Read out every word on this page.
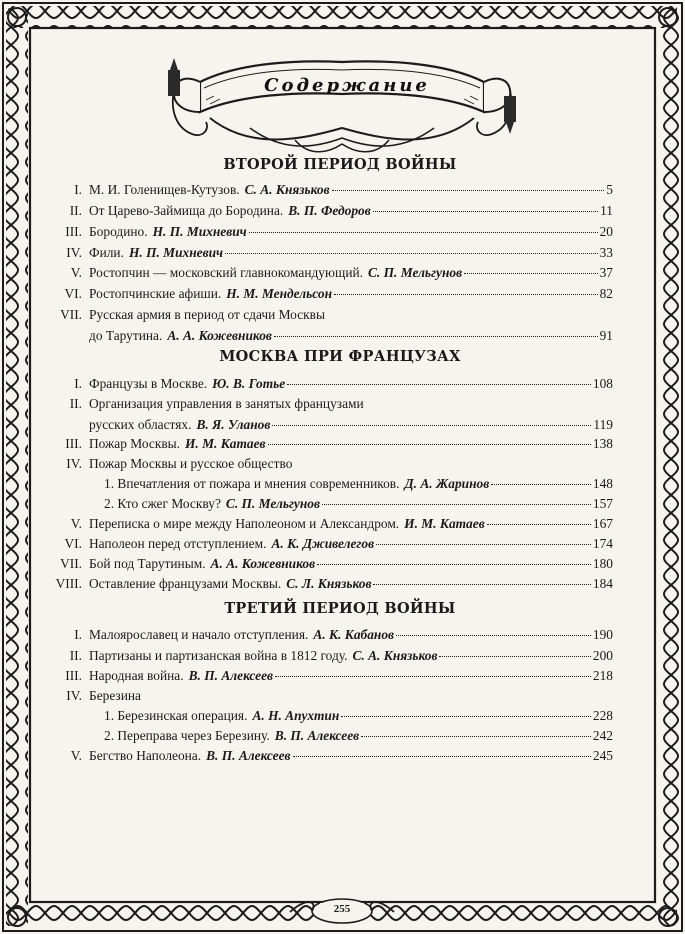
Содержание
ВТОРОЙ ПЕРИОД ВОЙНЫ
I. М. И. Голенищев-Кутузов. С. А. Князьков	5
II. От Царево-Займища до Бородина. В. П. Федоров	11
III. Бородино. Н. П. Михневич	20
IV. Фили. Н. П. Михневич	33
V. Ростопчин — московский главнокомандующий. С. П. Мельгунов	37
VI. Ростопчинские афиши. Н. М. Мендельсон	82
VII. Русская армия в период от сдачи Москвы
до Тарутина. А. А. Кожевников	91
МОСКВА ПРИ ФРАНЦУЗАХ
I. Французы в Москве. Ю. В. Готье	108
II. Организация управления в занятых французами
русских областях. В. Я. Уланов	119
III. Пожар Москвы. И. М. Катаев	138
IV. Пожар Москвы и русское общество
1. Впечатления от пожара и мнения современников. Д. А. Жаринов	148
2. Кто сжег Москву? С. П. Мельгунов	157
V. Переписка о мире между Наполеоном и Александром. И. М. Катаев	167
VI. Наполеон перед отступлением. А. К. Дживелегов	174
VII. Бой под Тарутиным. А. А. Кожевников	180
VIII. Оставление французами Москвы. С. Л. Князьков	184
ТРЕТИЙ ПЕРИОД ВОЙНЫ
I. Малоярославец и начало отступления. А. К. Кабанов	190
II. Партизаны и партизанская война в 1812 году. С. А. Князьков	200
III. Народная война. В. П. Алексеев	218
IV. Березина
1. Березинская операция. А. Н. Апухтин	228
2. Переправа через Березину. В. П. Алексеев	242
V. Бегство Наполеона. В. П. Алексеев	245
255
